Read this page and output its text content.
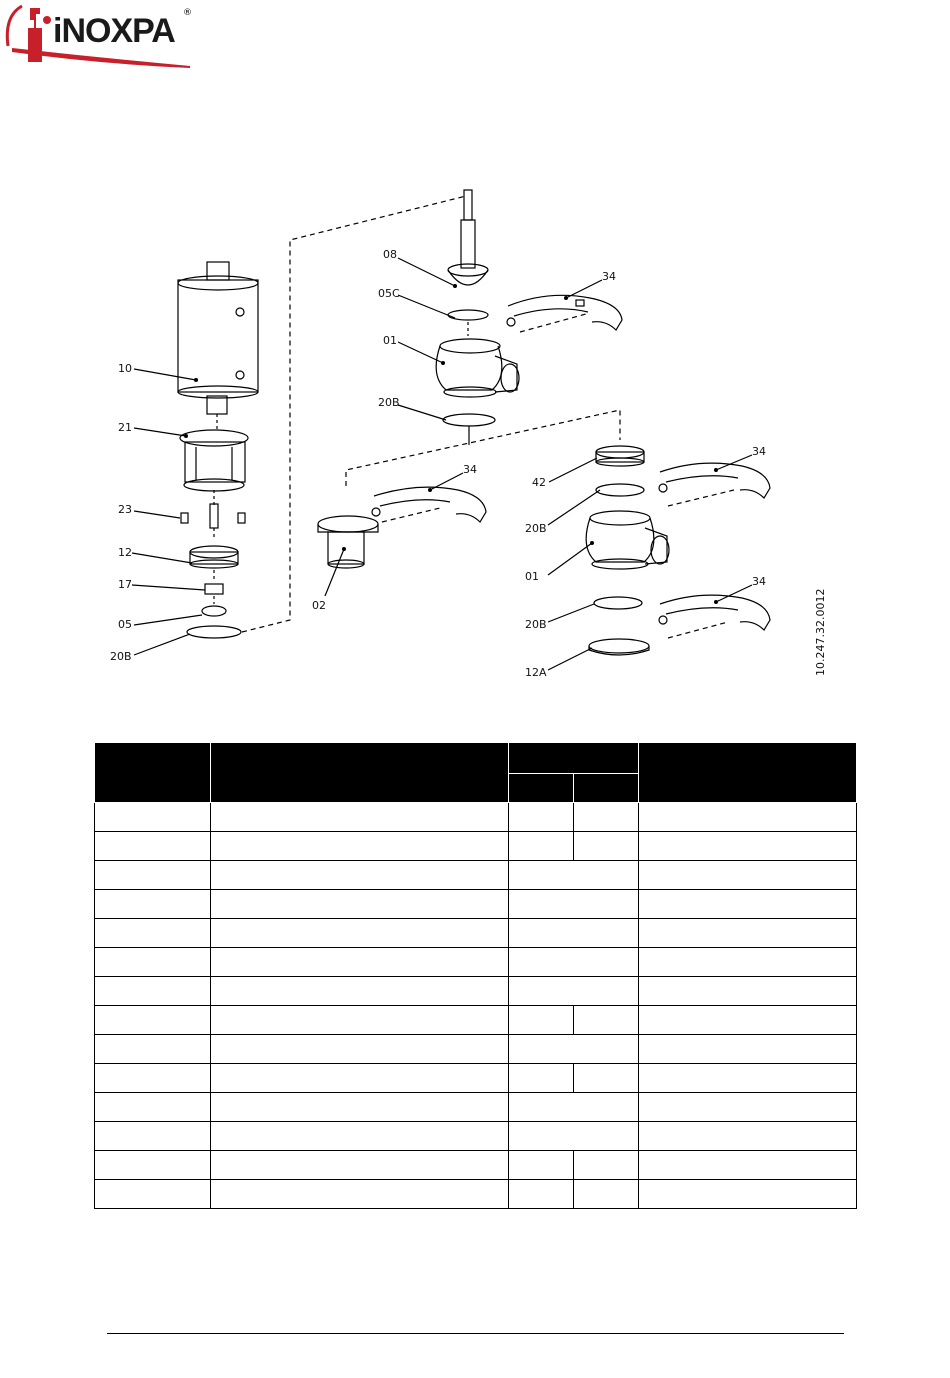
iNOXPA ®
10
21
23
12
17
05
20B
08
05C
01
20B
34
34
02
42
20B
01
20B
12A
34
34
10.247.32.0012
